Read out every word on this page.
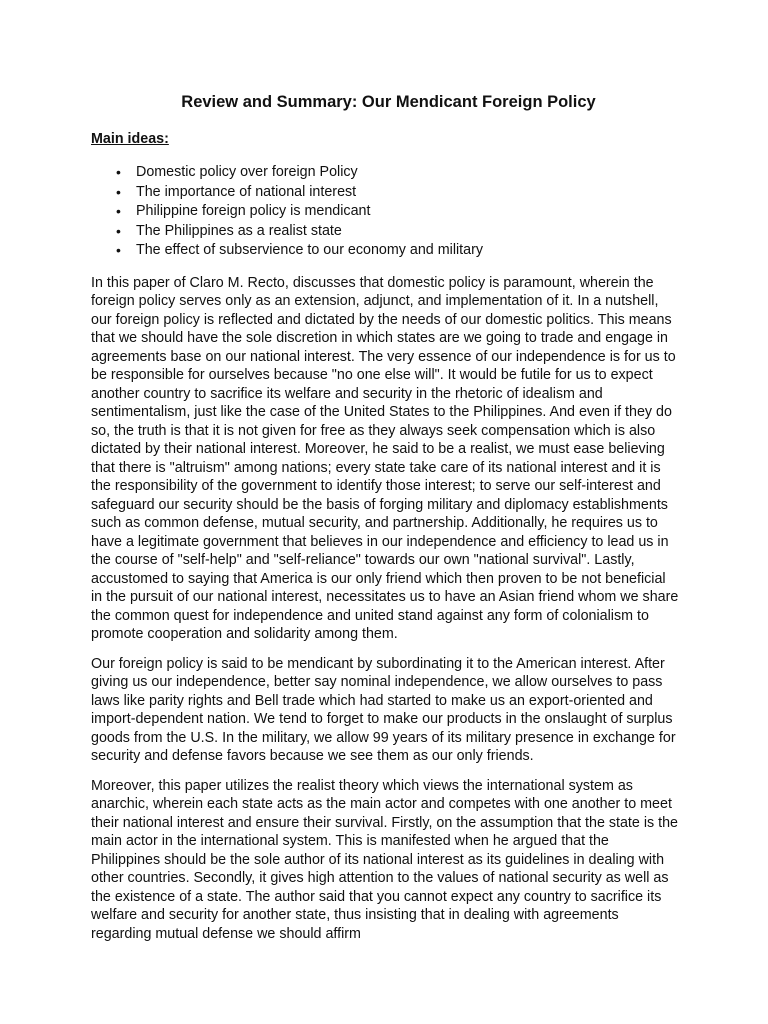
Review and Summary: Our Mendicant Foreign Policy
Main ideas:
• Domestic policy over foreign Policy
• The importance of national interest
• Philippine foreign policy is mendicant
• The Philippines as a realist state
• The effect of subservience to our economy and military

In this paper of Claro M. Recto, discusses that domestic policy is paramount, wherein the foreign policy serves only as an extension, adjunct, and implementation of it. In a nutshell, our foreign policy is reflected and dictated by the needs of our domestic politics. This means that we should have the sole discretion in which states are we going to trade and engage in agreements base on our national interest. The very essence of our independence is for us to be responsible for ourselves because "no one else will". It would be futile for us to expect another country to sacrifice its welfare and security in the rhetoric of idealism and sentimentalism, just like the case of the United States to the Philippines. And even if they do so, the truth is that it is not given for free as they always seek compensation which is also dictated by their national interest. Moreover, he said to be a realist, we must ease believing that there is "altruism" among nations; every state take care of its national interest and it is the responsibility of the government to identify those interest; to serve our self-interest and safeguard our security should be the basis of forging military and diplomacy establishments such as common defense, mutual security, and partnership. Additionally, he requires us to have a legitimate government that believes in our independence and efficiency to lead us in the course of "self-help" and "self-reliance" towards our own "national survival". Lastly, accustomed to saying that America is our only friend which then proven to be not beneficial in the pursuit of our national interest, necessitates us to have an Asian friend whom we share the common quest for independence and united stand against any form of colonialism to promote cooperation and solidarity among them.

Our foreign policy is said to be mendicant by subordinating it to the American interest. After giving us our independence, better say nominal independence, we allow ourselves to pass laws like parity rights and Bell trade which had started to make us an export-oriented and import-dependent nation. We tend to forget to make our products in the onslaught of surplus goods from the U.S. In the military, we allow 99 years of its military presence in exchange for security and defense favors because we see them as our only friends.

Moreover, this paper utilizes the realist theory which views the international system as anarchic, wherein each state acts as the main actor and competes with one another to meet their national interest and ensure their survival. Firstly, on the assumption that the state is the main actor in the international system. This is manifested when he argued that the Philippines should be the sole author of its national interest as its guidelines in dealing with other countries. Secondly, it gives high attention to the values of national security as well as the existence of a state. The author said that you cannot expect any country to sacrifice its welfare and security for another state, thus insisting that in dealing with agreements regarding mutual defense we should affirm
